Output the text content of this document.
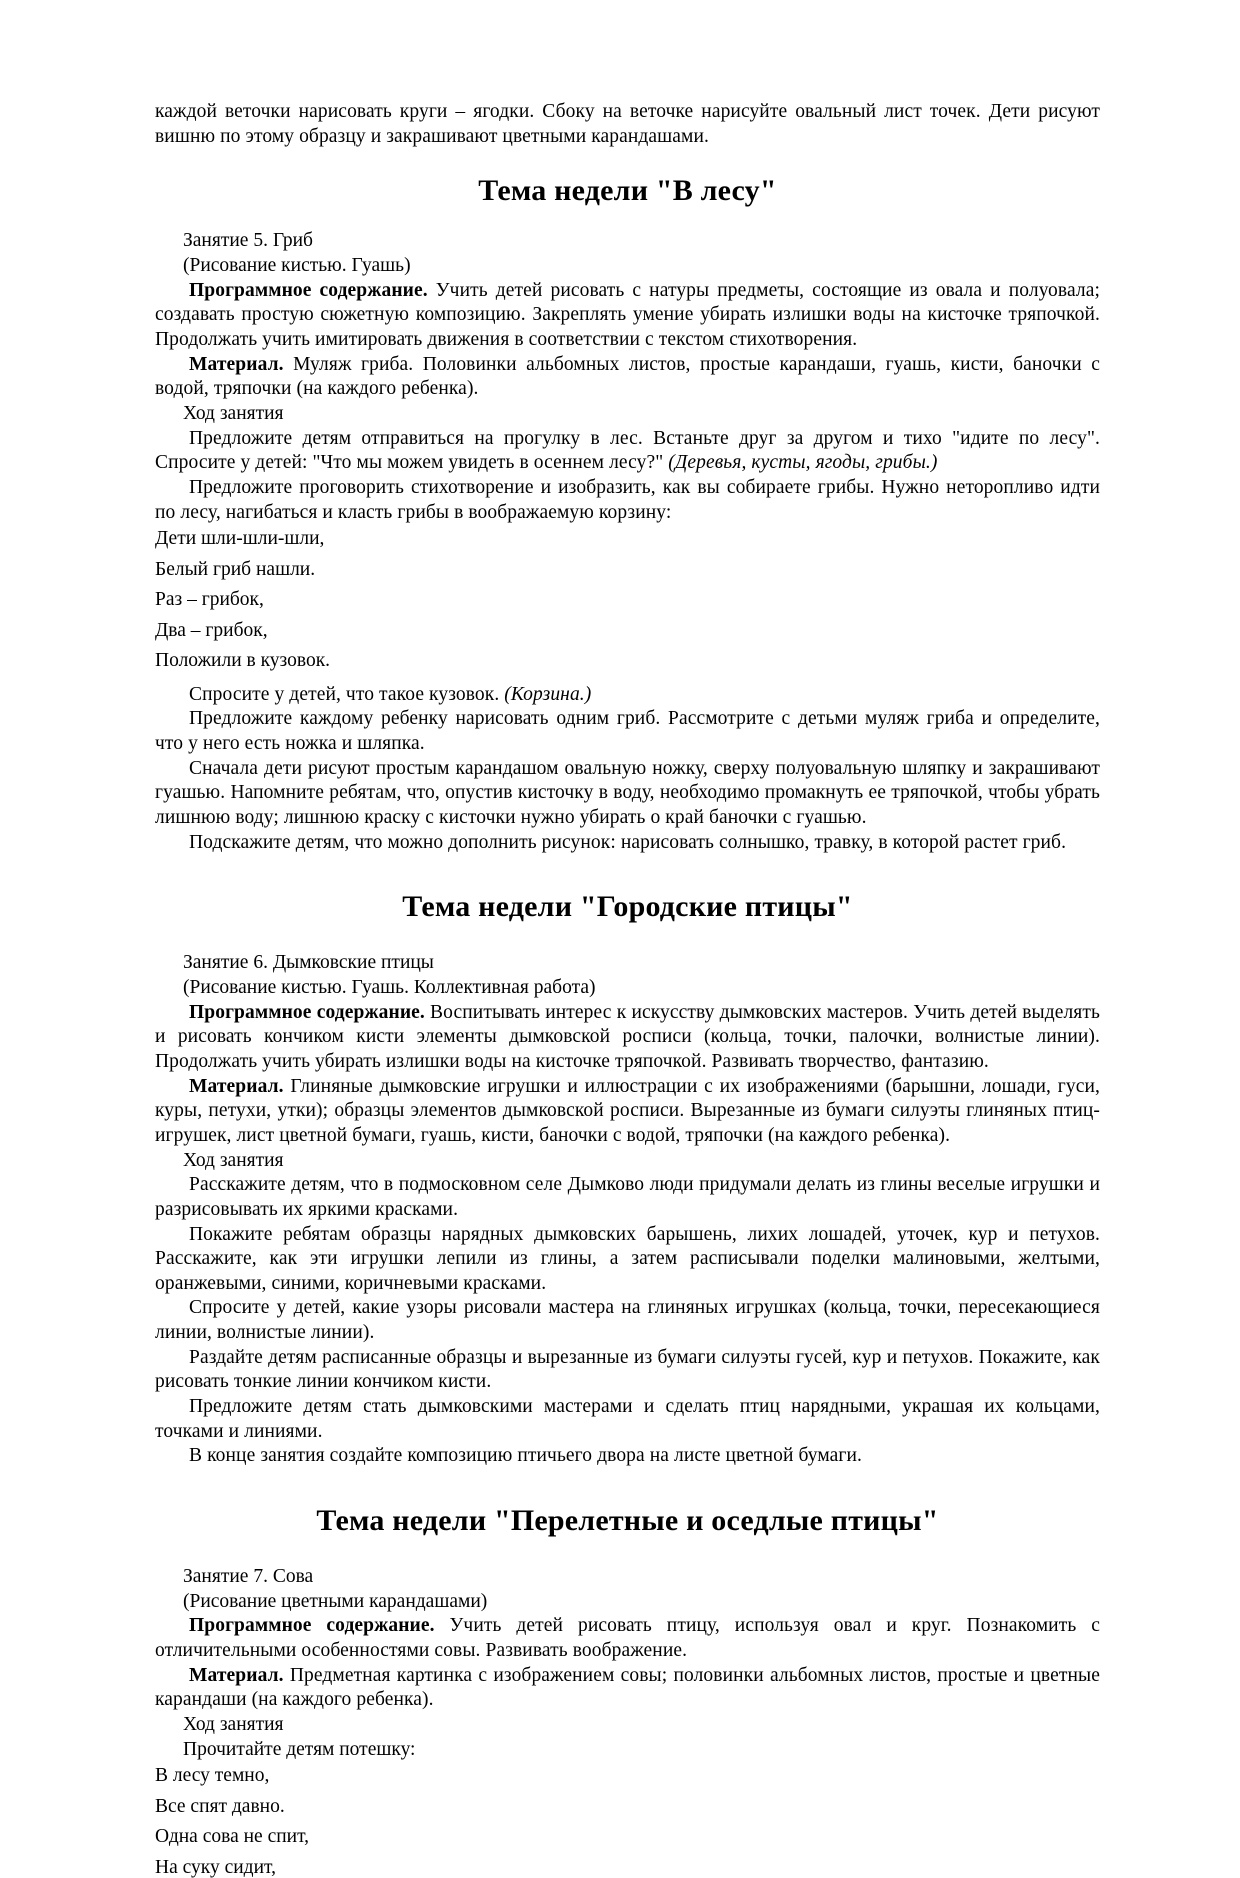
каждой веточки нарисовать круги – ягодки. Сбоку на веточке нарисуйте овальный лист точек. Дети рисуют вишню по этому образцу и закрашивают цветными карандашами.

Тема недели "В лесу"

Занятие 5. Гриб

(Рисование кистью. Гуашь)

Программное содержание. Учить детей рисовать с натуры предметы, состоящие из овала и полуовала; создавать простую сюжетную композицию. Закреплять умение убирать излишки воды на кисточке тряпочкой. Продолжать учить имитировать движения в соответствии с текстом стихотворения.

Материал. Муляж гриба. Половинки альбомных листов, простые карандаши, гуашь, кисти, баночки с водой, тряпочки (на каждого ребенка).

Ход занятия

Предложите детям отправиться на прогулку в лес. Встаньте друг за другом и тихо "идите по лесу". Спросите у детей: "Что мы можем увидеть в осеннем лесу?" (Деревья, кусты, ягоды, грибы.)

Предложите проговорить стихотворение и изобразить, как вы собираете грибы. Нужно неторопливо идти по лесу, нагибаться и класть грибы в воображаемую корзину:

Дети шли-шли-шли,

Белый гриб нашли.

Раз – грибок,

Два – грибок,

Положили в кузовок.

Спросите у детей, что такое кузовок. (Корзина.)

Предложите каждому ребенку нарисовать одним гриб. Рассмотрите с детьми муляж гриба и определите, что у него есть ножка и шляпка.

Сначала дети рисуют простым карандашом овальную ножку, сверху полуовальную шляпку и закрашивают гуашью. Напомните ребятам, что, опустив кисточку в воду, необходимо промакнуть ее тряпочкой, чтобы убрать лишнюю воду; лишнюю краску с кисточки нужно убирать о край баночки с гуашью.

Подскажите детям, что можно дополнить рисунок: нарисовать солнышко, травку, в которой растет гриб.

Тема недели "Городские птицы"

Занятие 6. Дымковские птицы

(Рисование кистью. Гуашь. Коллективная работа)

Программное содержание. Воспитывать интерес к искусству дымковских мастеров. Учить детей выделять и рисовать кончиком кисти элементы дымковской росписи (кольца, точки, палочки, волнистые линии). Продолжать учить убирать излишки воды на кисточке тряпочкой. Развивать творчество, фантазию.

Материал. Глиняные дымковские игрушки и иллюстрации с их изображениями (барышни, лошади, гуси, куры, петухи, утки); образцы элементов дымковской росписи. Вырезанные из бумаги силуэты глиняных птиц-игрушек, лист цветной бумаги, гуашь, кисти, баночки с водой, тряпочки (на каждого ребенка).

Ход занятия

Расскажите детям, что в подмосковном селе Дымково люди придумали делать из глины веселые игрушки и разрисовывать их яркими красками.

Покажите ребятам образцы нарядных дымковских барышень, лихих лошадей, уточек, кур и петухов. Расскажите, как эти игрушки лепили из глины, а затем расписывали поделки малиновыми, желтыми, оранжевыми, синими, коричневыми красками.

Спросите у детей, какие узоры рисовали мастера на глиняных игрушках (кольца, точки, пересекающиеся линии, волнистые линии).

Раздайте детям расписанные образцы и вырезанные из бумаги силуэты гусей, кур и петухов. Покажите, как рисовать тонкие линии кончиком кисти.

Предложите детям стать дымковскими мастерами и сделать птиц нарядными, украшая их кольцами, точками и линиями.

В конце занятия создайте композицию птичьего двора на листе цветной бумаги.

Тема недели "Перелетные и оседлые птицы"

Занятие 7. Сова

(Рисование цветными карандашами)

Программное содержание. Учить детей рисовать птицу, используя овал и круг. Познакомить с отличительными особенностями совы. Развивать воображение.

Материал. Предметная картинка с изображением совы; половинки альбомных листов, простые и цветные карандаши (на каждого ребенка).

Ход занятия

Прочитайте детям потешку:

В лесу темно,

Все спят давно.

Одна сова не спит,

На суку сидит,
